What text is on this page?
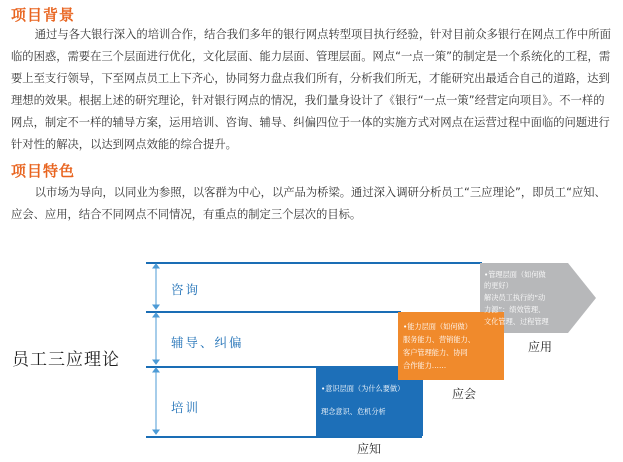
项目背景

通过与各大银行深入的培训合作，结合我们多年的银行网点转型项目执行经验，针对目前众多银行在网点工作中所面临的困惑，需要在三个层面进行优化，文化层面、能力层面、管理层面。网点“一点一策”的制定是一个系统化的工程，需要上至支行领导，下至网点员工上下齐心，协同努力盘点我们所有，分析我们所无，才能研究出最适合自己的道路，达到理想的效果。根据上述的研究理论，针对银行网点的情况，我们量身设计了《银行“一点一策”经营定向项目》。不一样的网点，制定不一样的辅导方案，运用培训、咨询、辅导、纠偏四位于一体的实施方式对网点在运营过程中面临的问题进行针对性的解决，以达到网点效能的综合提升。

项目特色

以市场为导向，以同业为参照，以客群为中心，以产品为桥梁。通过深入调研分析员工“三应理论”，即员工“应知、应会、应用，结合不同网点不同情况，有重点的制定三个层次的目标。

员工三应理论
咨询
辅导、纠偏
培训

•意识层面（为什么要做）

理念意识、危机分析

•能力层面（如何做）

服务能力、营销能力、

客户管理能力、协同

合作能力……

•管理层面（如何做

的更好）

解决员工执行的“动

力源”：绩效管理、

文化管理、过程管理

应知
应会
应用
